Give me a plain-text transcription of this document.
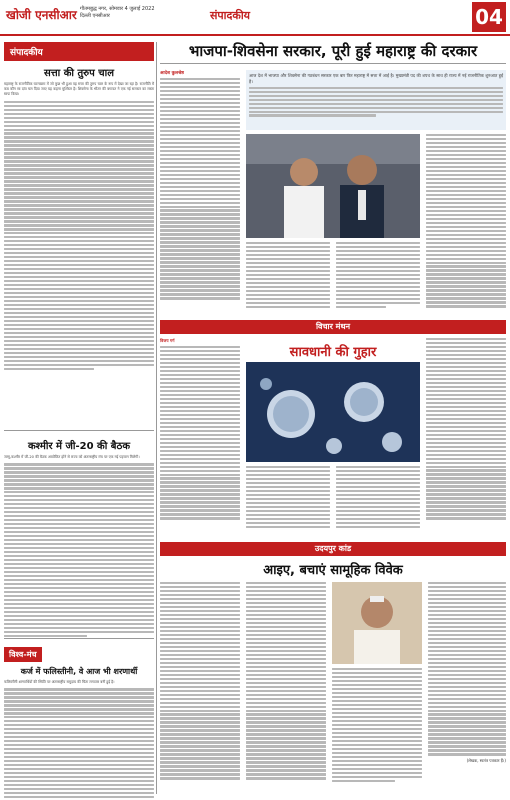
खोजी एनसीआर गौतमबुद्ध नगर, सोमवार 4 जुलाई 2022
दिल्ली एनसीआर	संपादकीय	04
संपादकीय
सत्ता की तुरुप चाल
महाराष्ट्र के राजनीतिक घटनाक्रम में जो कुछ भी हुआ वह सत्ता की तुरुप चाल के रूप में देखा जा रहा है। राजनीति में कब कौन सा दांव चल दिया जाए यह कहना मुश्किल है। शिवसेना के भीतर की बगावत ने एक नई सरकार का रास्ता साफ किया।
कश्मीर में जी-20 की बैठक
जम्मू-कश्मीर में जी-20 की बैठक आयोजित होने से राज्य को अंतरराष्ट्रीय मंच पर एक नई पहचान मिलेगी।
विश्व-मंच
कर्ज में फलिस्तीनी, वे आज भी शरणार्थी
फलिस्तीनी शरणार्थियों की स्थिति पर अंतरराष्ट्रीय समुदाय की चिंता लगातार बनी हुई है।
भाजपा-शिवसेना सरकार, पूरी हुई महाराष्ट्र की दरकार
आदेश कुलश्रेष्ठ	आज देश में भाजपा और शिवसेना की गठबंधन सरकार एक बार फिर महाराष्ट्र में सत्ता में आई है। मुख्यमंत्री पद की शपथ के साथ ही राज्य में नई राजनीतिक शुरुआत हुई है।
विचार मंथन
विजय गर्ग
सावधानी की गुहार
उदयपुर कांड
आइए, बचाएं सामूहिक विवेक
(लेखक, स्वतंत्र पत्रकार हैं।)
